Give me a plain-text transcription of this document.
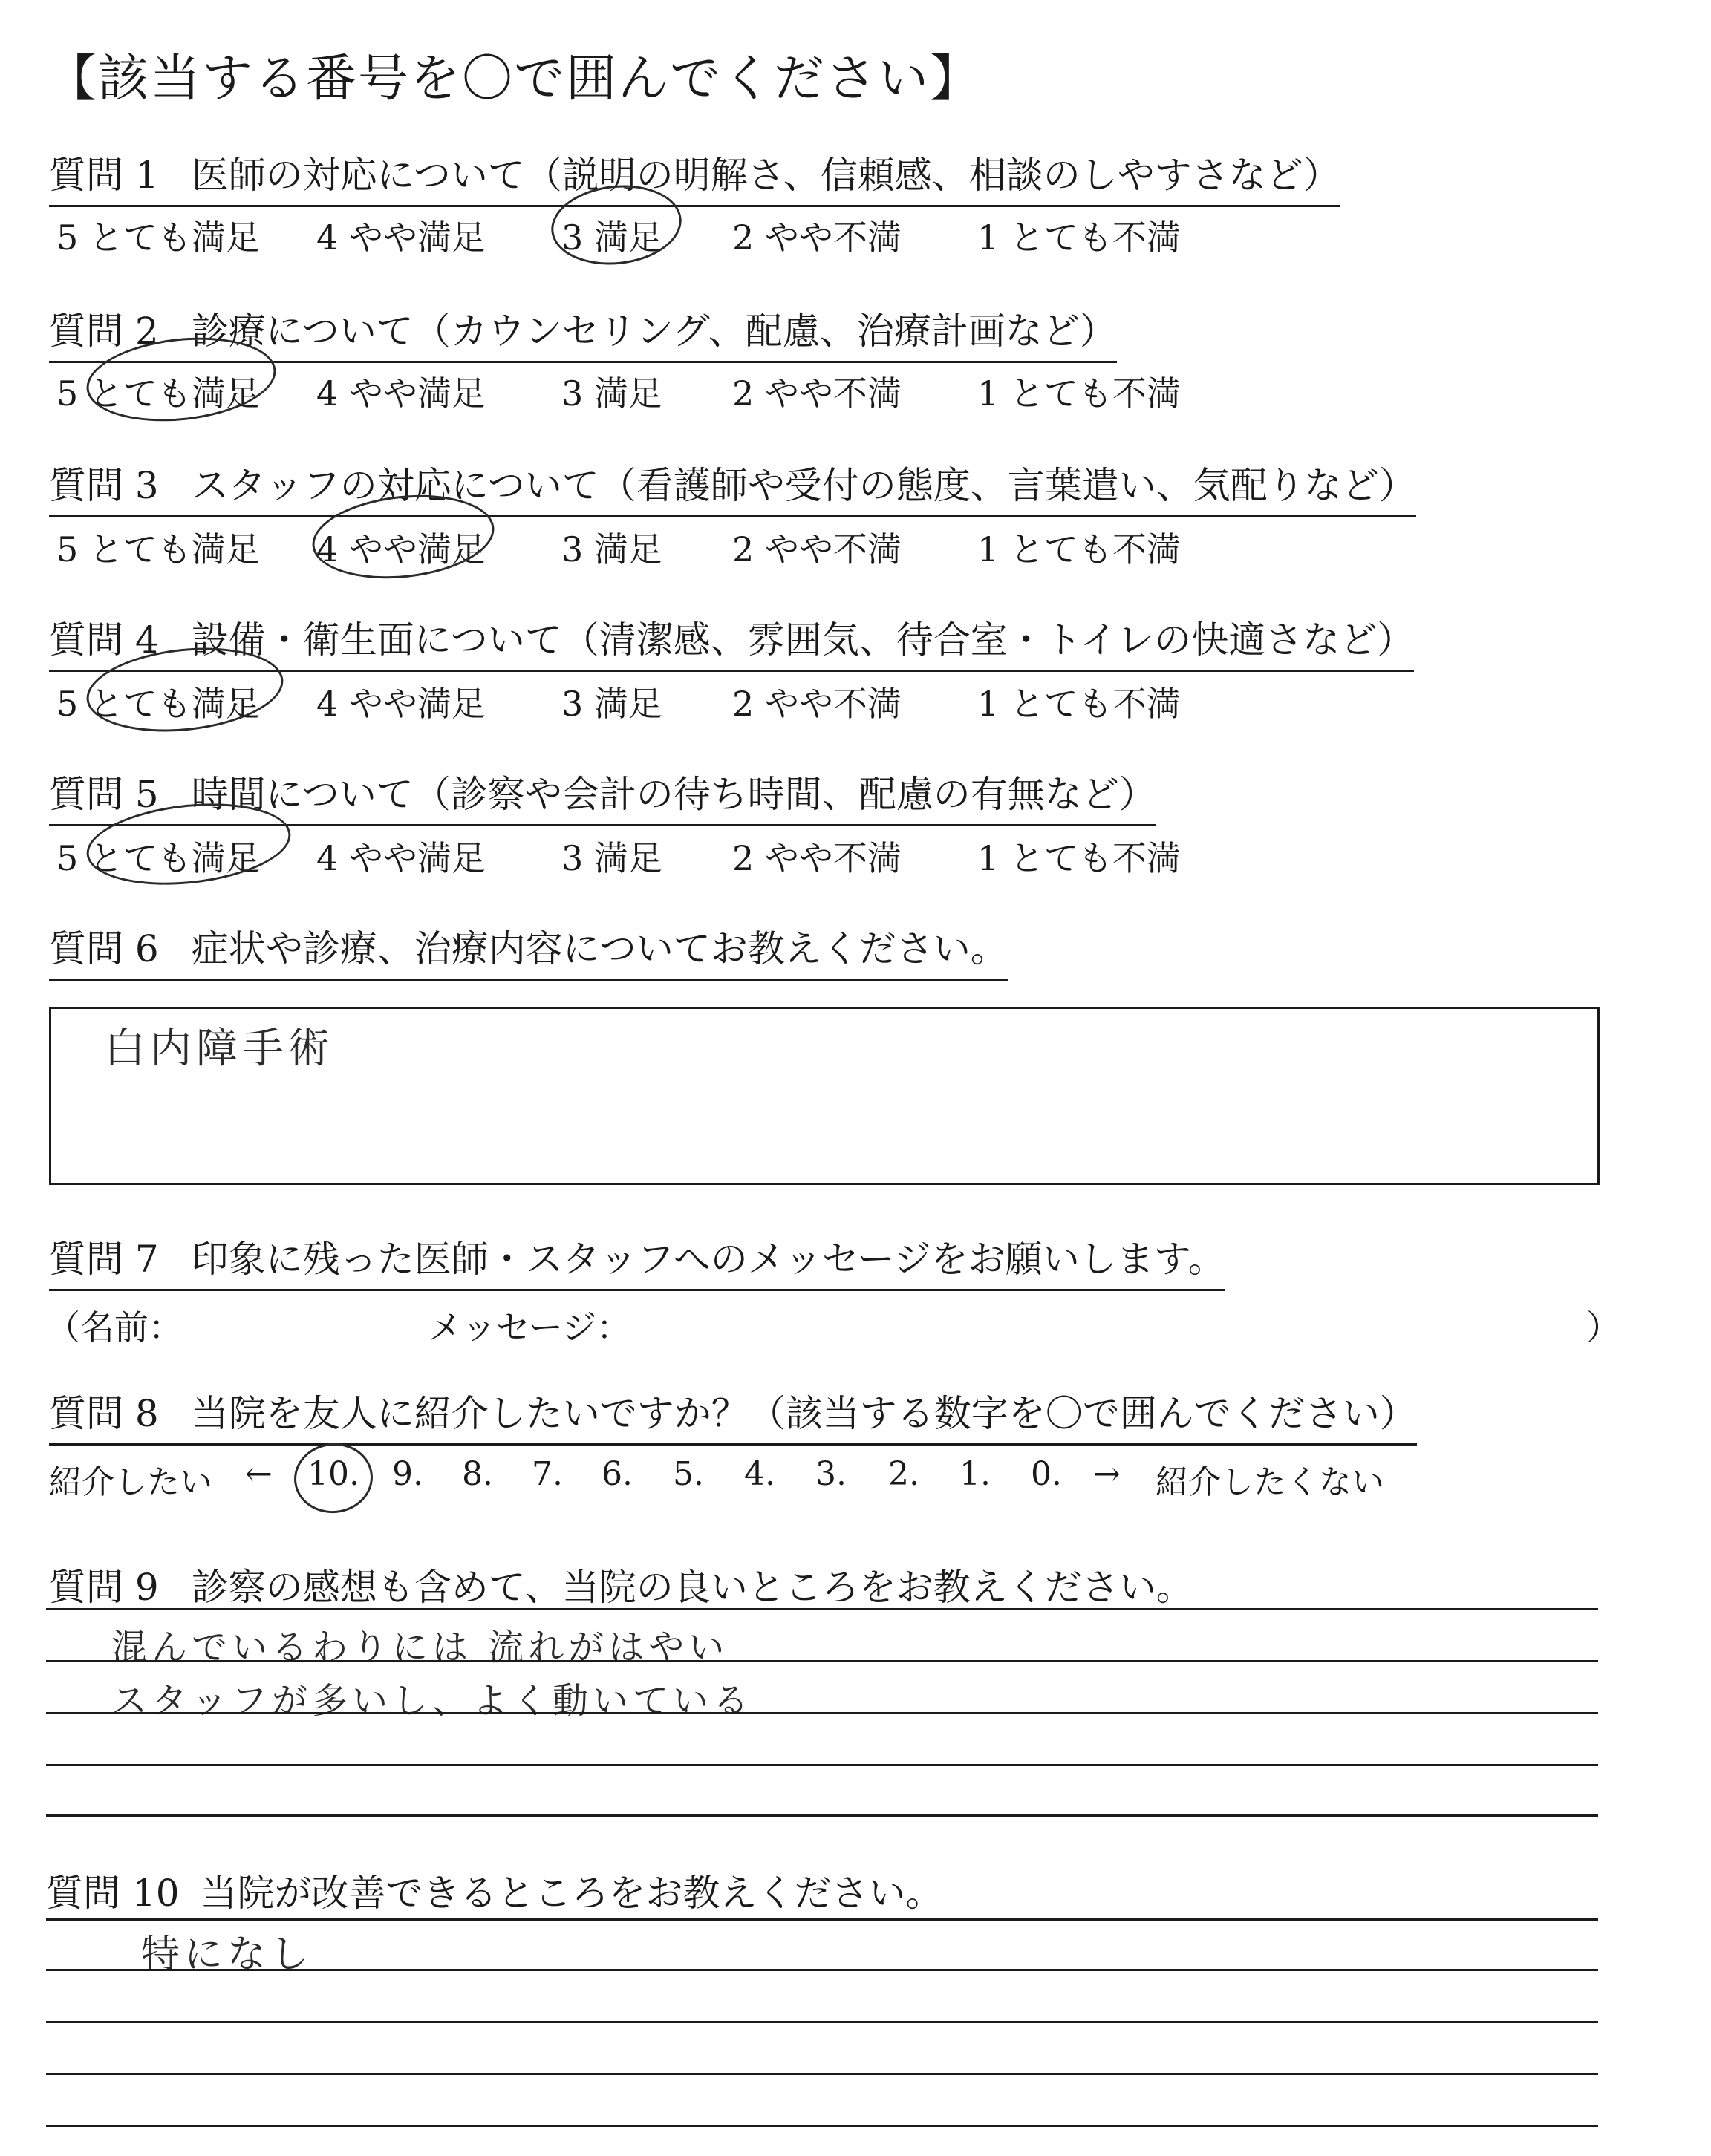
【該当する番号を〇で囲んでください】
質問 1 医師の対応について（説明の明解さ、信頼感、相談のしやすさなど）
5 とても満足 4 やや満足 3 満足 2 やや不満 1 とても不満
質問 2 診療について（カウンセリング、配慮、治療計画など）
5 とても満足 4 やや満足 3 満足 2 やや不満 1 とても不満
質問 3 スタッフの対応について（看護師や受付の態度、言葉遣い、気配りなど）
5 とても満足 4 やや満足 3 満足 2 やや不満 1 とても不満
質問 4 設備・衛生面について（清潔感、雰囲気、待合室・トイレの快適さなど）
5 とても満足 4 やや満足 3 満足 2 やや不満 1 とても不満
質問 5 時間について（診察や会計の待ち時間、配慮の有無など）
5 とても満足 4 やや満足 3 満足 2 やや不満 1 とても不満
質問 6 症状や診療、治療内容についてお教えください。
白内障手術
質問 7 印象に残った医師・スタッフへのメッセージをお願いします。
（名前：	メッセージ：	）
質問 8 当院を友人に紹介したいですか？（該当する数字を〇で囲んでください）
紹介したい ← 10. 9. 8. 7. 6. 5. 4. 3. 2. 1. 0. → 紹介したくない
質問 9 診察の感想も含めて、当院の良いところをお教えください。
混んでいるわりには 流れがはやい
スタッフが多いし、よく動いている
質問 10 当院が改善できるところをお教えください。
特になし
